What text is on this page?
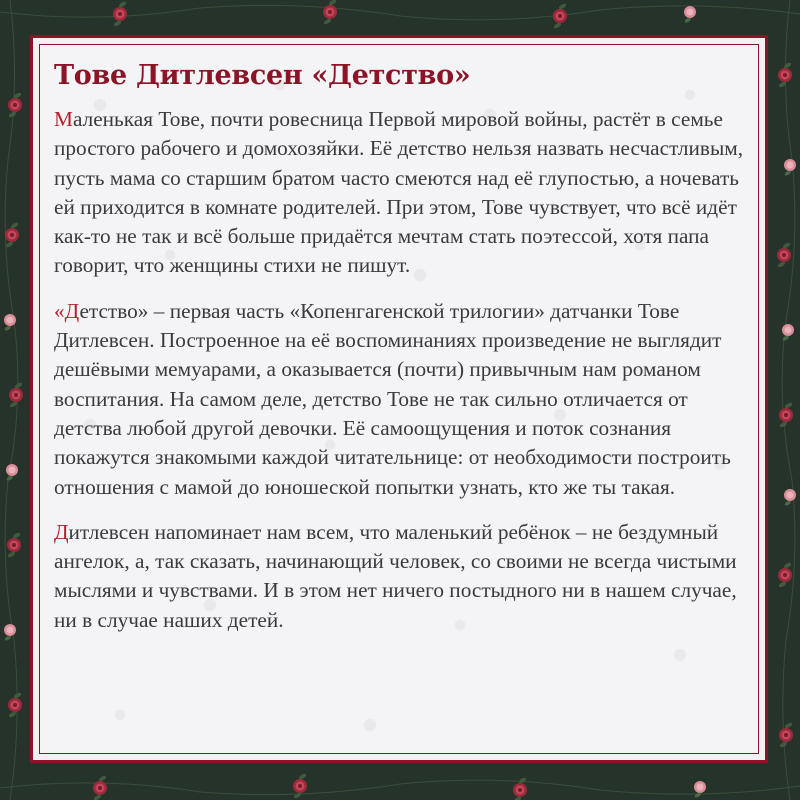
Тове Дитлевсен «Детство»

Маленькая Тове, почти ровесница Первой мировой войны, растёт в семье простого рабочего и домохозяйки. Её детство нельзя назвать несчастливым, пусть мама со старшим братом часто смеются над её глупостью, а ночевать ей приходится в комнате родителей. При этом, Тове чувствует, что всё идёт как-то не так и всё больше придаётся мечтам стать поэтессой, хотя папа говорит, что женщины стихи не пишут.

«Детство» – первая часть «Копенгагенской трилогии» датчанки Тове Дитлевсен. Построенное на её воспоминаниях произведение не выглядит дешёвыми мемуарами, а оказывается (почти) привычным нам романом воспитания. На самом деле, детство Тове не так сильно отличается от детства любой другой девочки. Её самоощущения и поток сознания покажутся знакомыми каждой читательнице: от необходимости построить отношения с мамой до юношеской попытки узнать, кто же ты такая.

Дитлевсен напоминает нам всем, что маленький ребёнок – не бездумный ангелок, а, так сказать, начинающий человек, со своими не всегда чистыми мыслями и чувствами. И в этом нет ничего постыдного ни в нашем случае, ни в случае наших детей.
